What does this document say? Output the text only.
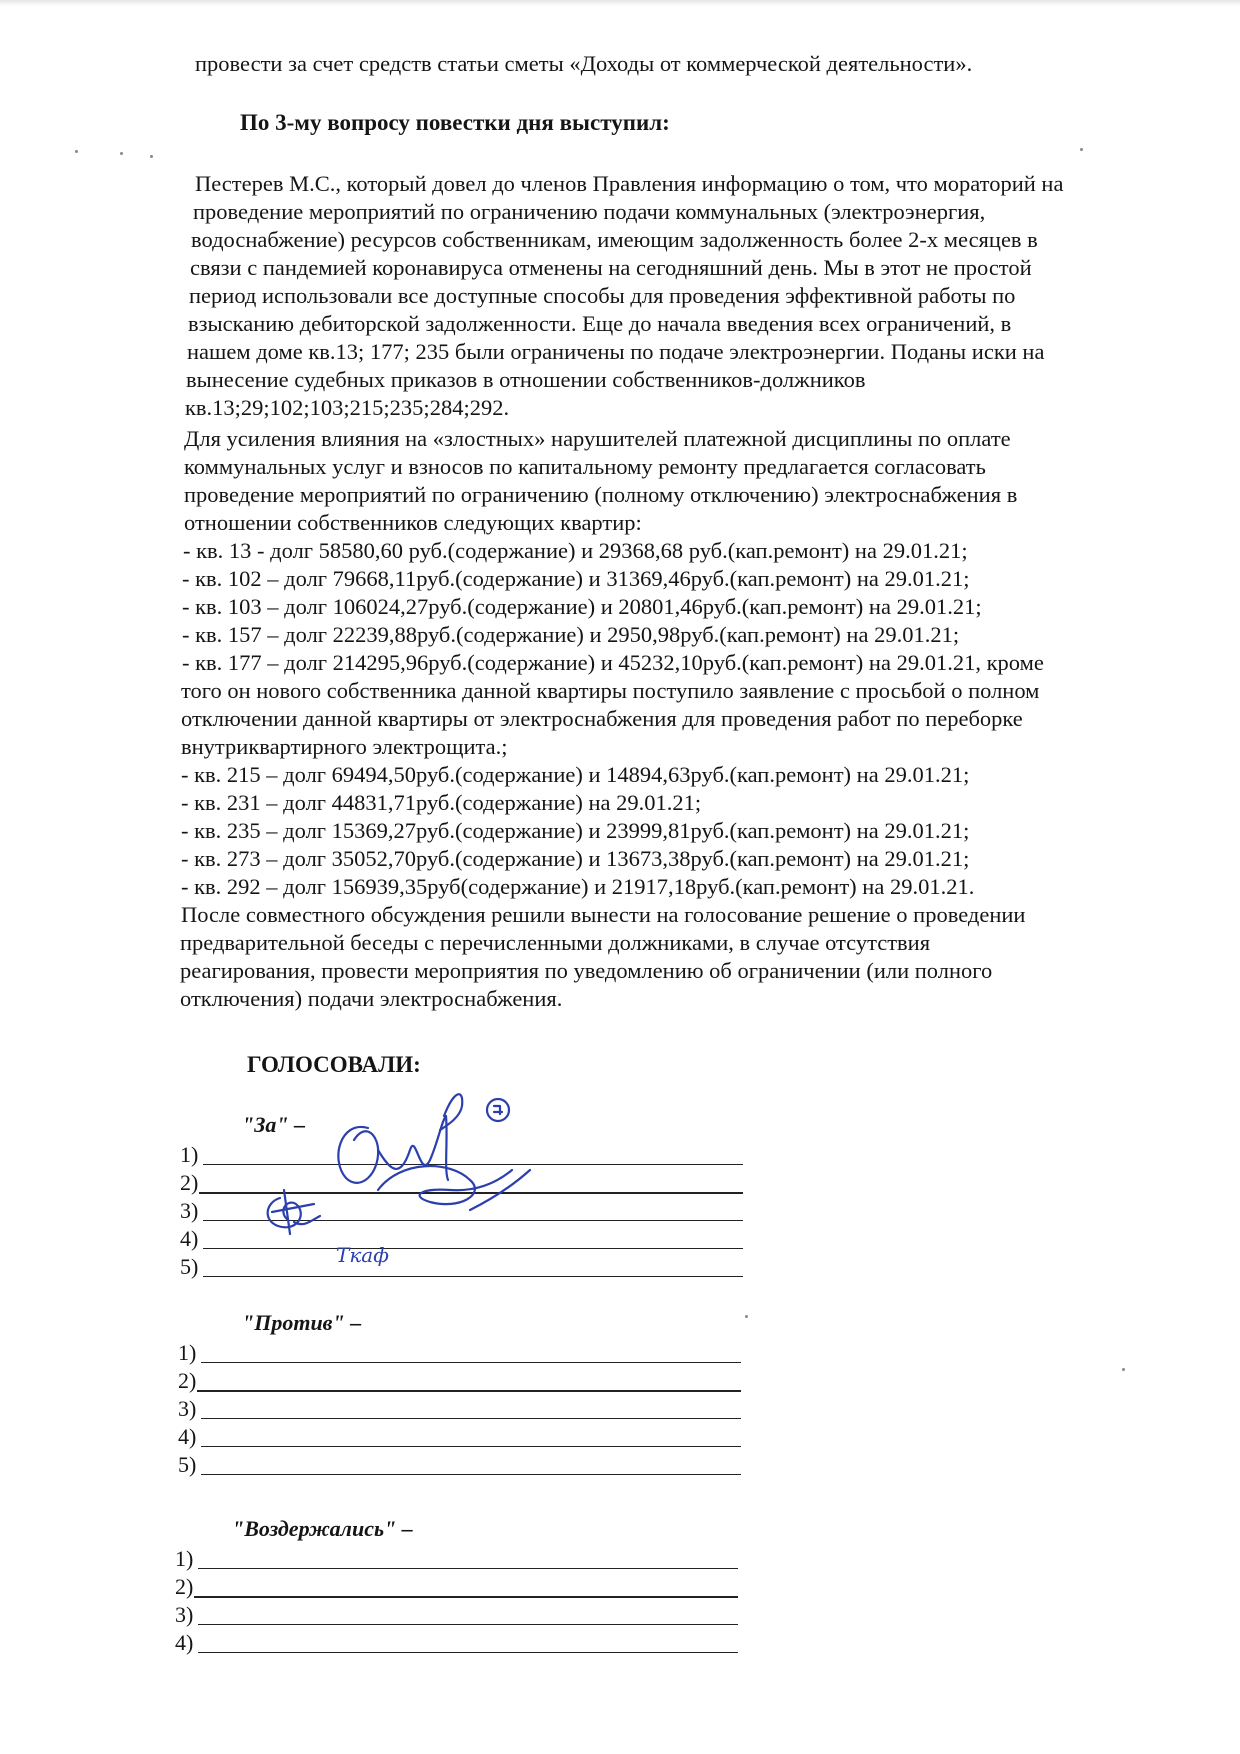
провести за счет средств статьи сметы «Доходы от коммерческой деятельности».
По 3-му вопросу повестки дня выступил:
Пестерев М.С., который довел до членов Правления информацию о том, что мораторий на
проведение мероприятий по ограничению подачи коммунальных (электроэнергия,
водоснабжение) ресурсов собственникам, имеющим задолженность более 2-х месяцев в
связи с пандемией коронавируса отменены на сегодняшний день. Мы в этот не простой
период использовали все доступные способы для проведения эффективной работы по
взысканию дебиторской задолженности. Еще до начала введения всех ограничений, в
нашем доме кв.13; 177; 235 были ограничены по подаче электроэнергии. Поданы иски на
вынесение судебных приказов в отношении собственников-должников
кв.13;29;102;103;215;235;284;292.
Для усиления влияния на «злостных» нарушителей платежной дисциплины по оплате
коммунальных услуг и взносов по капитальному ремонту предлагается согласовать
проведение мероприятий по ограничению (полному отключению) электроснабжения в
отношении собственников следующих квартир:
- кв. 13 - долг 58580,60 руб.(содержание) и 29368,68 руб.(кап.ремонт) на 29.01.21;
- кв. 102 – долг 79668,11руб.(содержание) и 31369,46руб.(кап.ремонт) на 29.01.21;
- кв. 103 – долг 106024,27руб.(содержание) и 20801,46руб.(кап.ремонт) на 29.01.21;
- кв. 157 – долг 22239,88руб.(содержание) и 2950,98руб.(кап.ремонт) на 29.01.21;
- кв. 177 – долг 214295,96руб.(содержание) и 45232,10руб.(кап.ремонт) на 29.01.21, кроме
того он нового собственника данной квартиры поступило заявление с просьбой о полном
отключении данной квартиры от электроснабжения для проведения работ по переборке
внутриквартирного электрощита.;
- кв. 215 – долг 69494,50руб.(содержание) и 14894,63руб.(кап.ремонт) на 29.01.21;
- кв. 231 – долг 44831,71руб.(содержание) на 29.01.21;
- кв. 235 – долг 15369,27руб.(содержание) и 23999,81руб.(кап.ремонт) на 29.01.21;
- кв. 273 – долг 35052,70руб.(содержание) и 13673,38руб.(кап.ремонт) на 29.01.21;
- кв. 292 – долг 156939,35руб(содержание) и 21917,18руб.(кап.ремонт) на 29.01.21.
После совместного обсуждения решили вынести на голосование решение о проведении
предварительной беседы с перечисленными должниками, в случае отсутствия
реагирования, провести мероприятия по уведомлению об ограничении (или полного
отключения) подачи электроснабжения.
ГОЛОСОВАЛИ:
"За" –
1)
2)
3)
4)
5)	Ткаф
"Против" –
1)
2)
3)
4)
5)
"Воздержались" –
1)
2)
3)
4)
